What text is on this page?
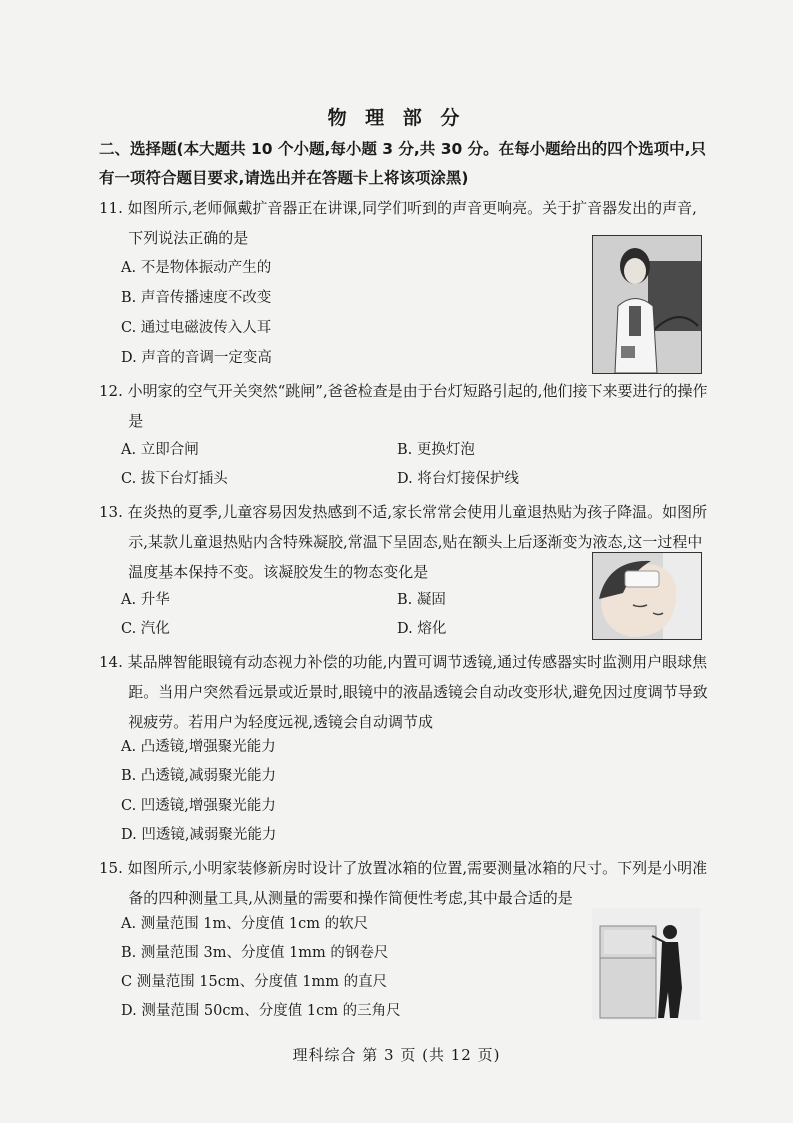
物 理 部 分
二、选择题(本大题共 10 个小题,每小题 3 分,共 30 分。在每小题给出的四个选项中,只有一项符合题目要求,请选出并在答题卡上将该项涂黑)
11. 如图所示,老师佩戴扩音器正在讲课,同学们听到的声音更响亮。关于扩音器发出的声音,下列说法正确的是
A. 不是物体振动产生的
B. 声音传播速度不改变
C. 通过电磁波传入人耳
D. 声音的音调一定变高
12. 小明家的空气开关突然“跳闸”,爸爸检查是由于台灯短路引起的,他们接下来要进行的操作是
A. 立即合闸	B. 更换灯泡
C. 拔下台灯插头	D. 将台灯接保护线
13. 在炎热的夏季,儿童容易因发热感到不适,家长常常会使用儿童退热贴为孩子降温。如图所示,某款儿童退热贴内含特殊凝胶,常温下呈固态,贴在额头上后逐渐变为液态,这一过程中温度基本保持不变。该凝胶发生的物态变化是
A. 升华	B. 凝固
C. 汽化	D. 熔化
14. 某品牌智能眼镜有动态视力补偿的功能,内置可调节透镜,通过传感器实时监测用户眼球焦距。当用户突然看远景或近景时,眼镜中的液晶透镜会自动改变形状,避免因过度调节导致视疲劳。若用户为轻度远视,透镜会自动调节成
A. 凸透镜,增强聚光能力
B. 凸透镜,减弱聚光能力
C. 凹透镜,增强聚光能力
D. 凹透镜,减弱聚光能力
15. 如图所示,小明家装修新房时设计了放置冰箱的位置,需要测量冰箱的尺寸。下列是小明准备的四种测量工具,从测量的需要和操作简便性考虑,其中最合适的是
A. 测量范围 1m、分度值 1cm 的软尺
B. 测量范围 3m、分度值 1mm 的钢卷尺
C 测量范围 15cm、分度值 1mm 的直尺
D. 测量范围 50cm、分度值 1cm 的三角尺
理科综合 第 3 页 (共 12 页)
